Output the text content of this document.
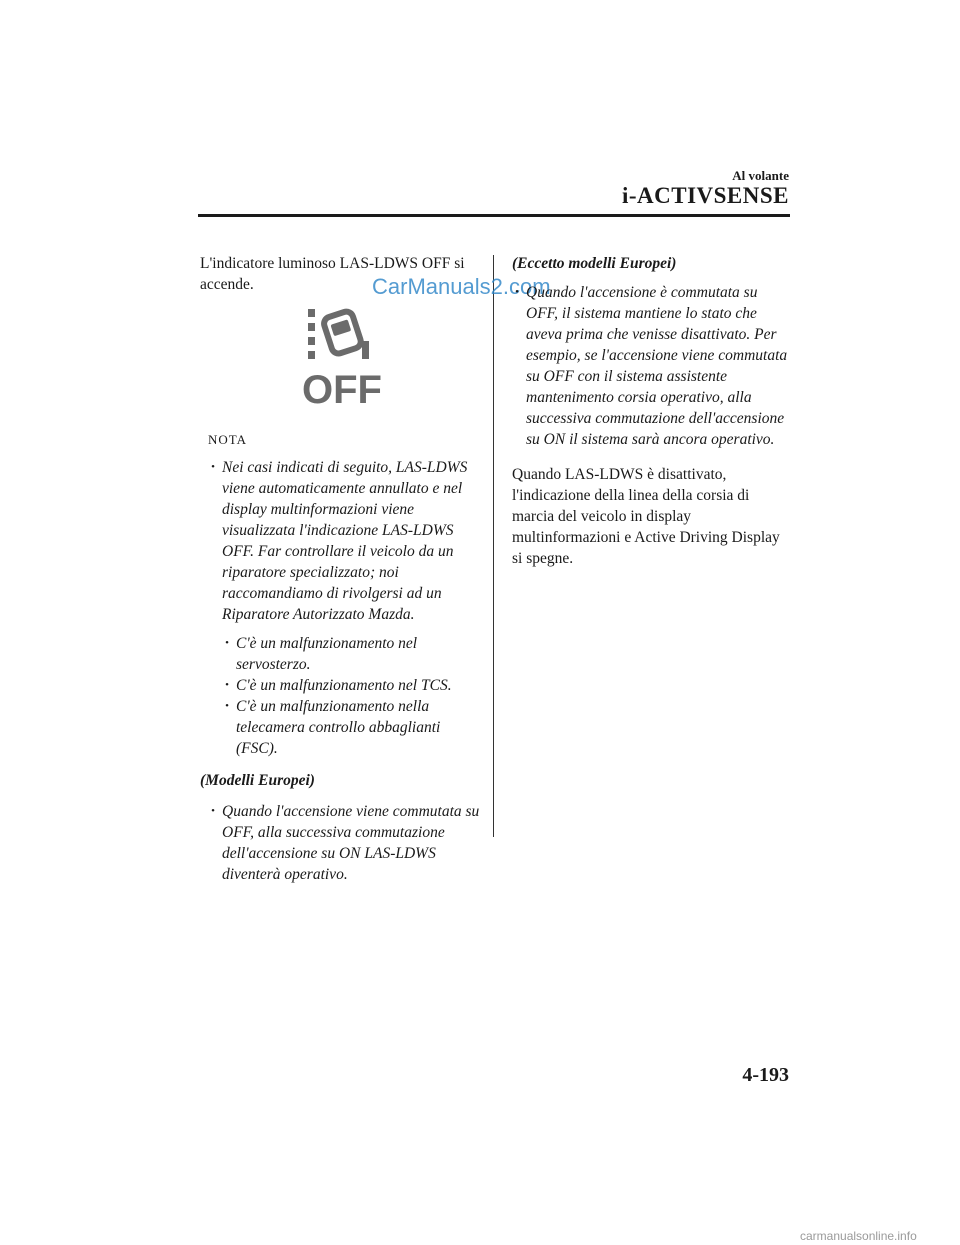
Al volante
i-ACTIVSENSE
CarManuals2.com

L'indicatore luminoso LAS-LDWS OFF si accende.

OFF

NOTA

• Nei casi indicati di seguito, LAS-LDWS viene automaticamente annullato e nel display multinformazioni viene visualizzata l'indicazione LAS-LDWS OFF. Far controllare il veicolo da un riparatore specializzato; noi raccomandiamo di rivolgersi ad un Riparatore Autorizzato Mazda.

• C'è un malfunzionamento nel servosterzo.

• C'è un malfunzionamento nel TCS.

• C'è un malfunzionamento nella telecamera controllo abbaglianti (FSC).

(Modelli Europei)

• Quando l'accensione viene commutata su OFF, alla successiva commutazione dell'accensione su ON LAS-LDWS diventerà operativo.

(Eccetto modelli Europei)

• Quando l'accensione è commutata su OFF, il sistema mantiene lo stato che aveva prima che venisse disattivato. Per esempio, se l'accensione viene commutata su OFF con il sistema assistente mantenimento corsia operativo, alla successiva commutazione dell'accensione su ON il sistema sarà ancora operativo.

Quando LAS-LDWS è disattivato, l'indicazione della linea della corsia di marcia del veicolo in display multinformazioni e Active Driving Display si spegne.

4-193
carmanualsonline.info
